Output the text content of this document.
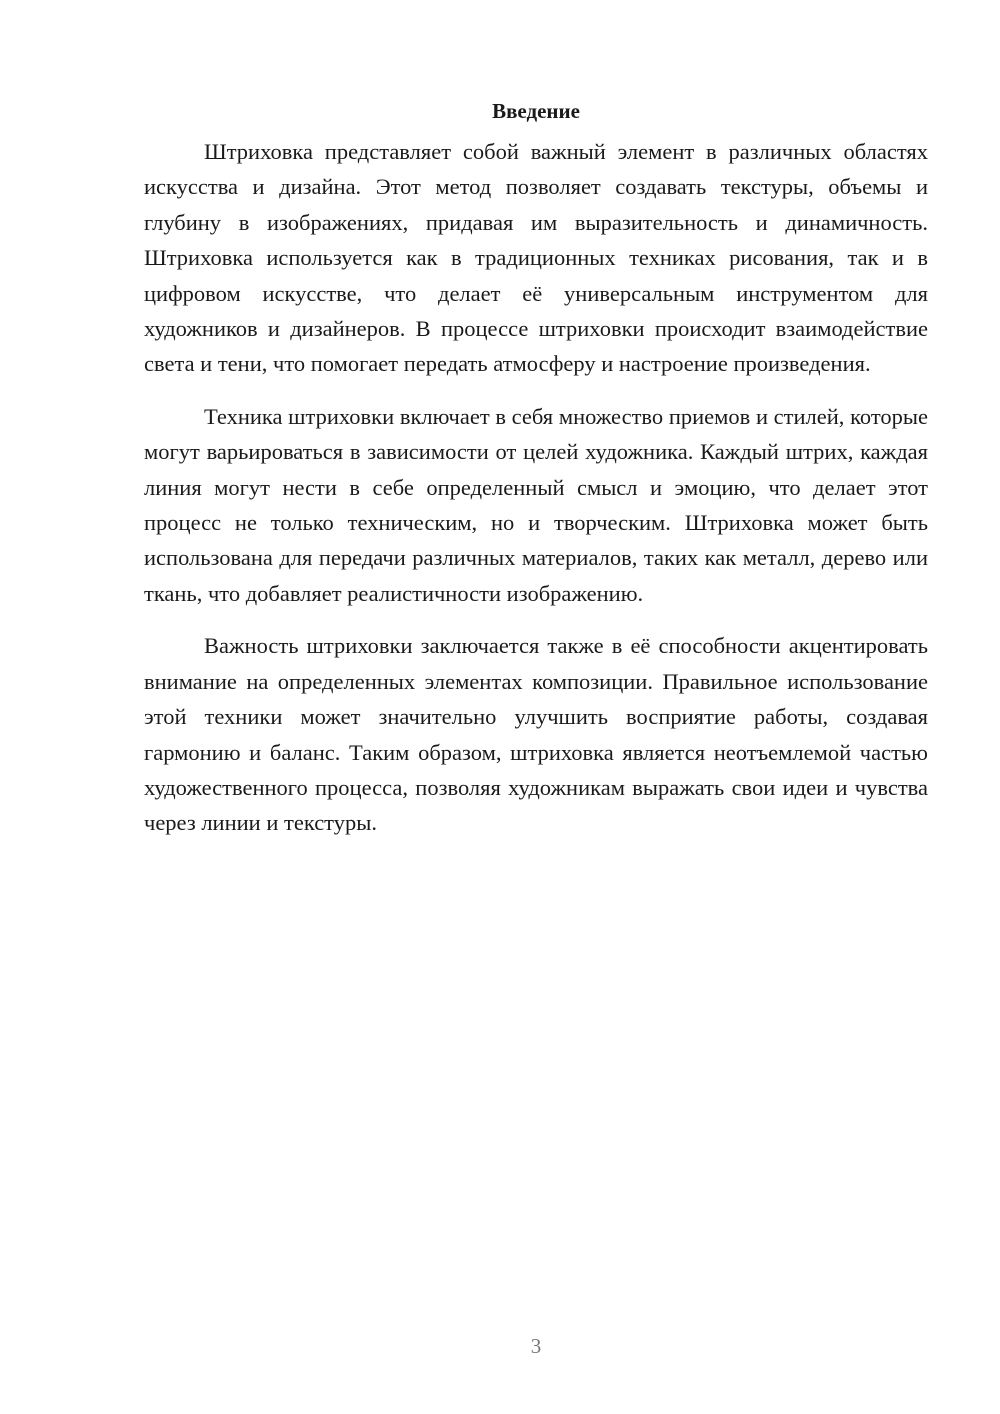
Введение

Штриховка представляет собой важный элемент в различных областях искусства и дизайна. Этот метод позволяет создавать текстуры, объемы и глубину в изображениях, придавая им выразительность и динамичность. Штриховка используется как в традиционных техниках рисования, так и в цифровом искусстве, что делает её универсальным инструментом для художников и дизайнеров. В процессе штриховки происходит взаимодействие света и тени, что помогает передать атмосферу и настроение произведения.

Техника штриховки включает в себя множество приемов и стилей, которые могут варьироваться в зависимости от целей художника. Каждый штрих, каждая линия могут нести в себе определенный смысл и эмоцию, что делает этот процесс не только техническим, но и творческим. Штриховка может быть использована для передачи различных материалов, таких как металл, дерево или ткань, что добавляет реалистичности изображению.

Важность штриховки заключается также в её способности акцентировать внимание на определенных элементах композиции. Правильное использование этой техники может значительно улучшить восприятие работы, создавая гармонию и баланс. Таким образом, штриховка является неотъемлемой частью художественного процесса, позволяя художникам выражать свои идеи и чувства через линии и текстуры.

3
